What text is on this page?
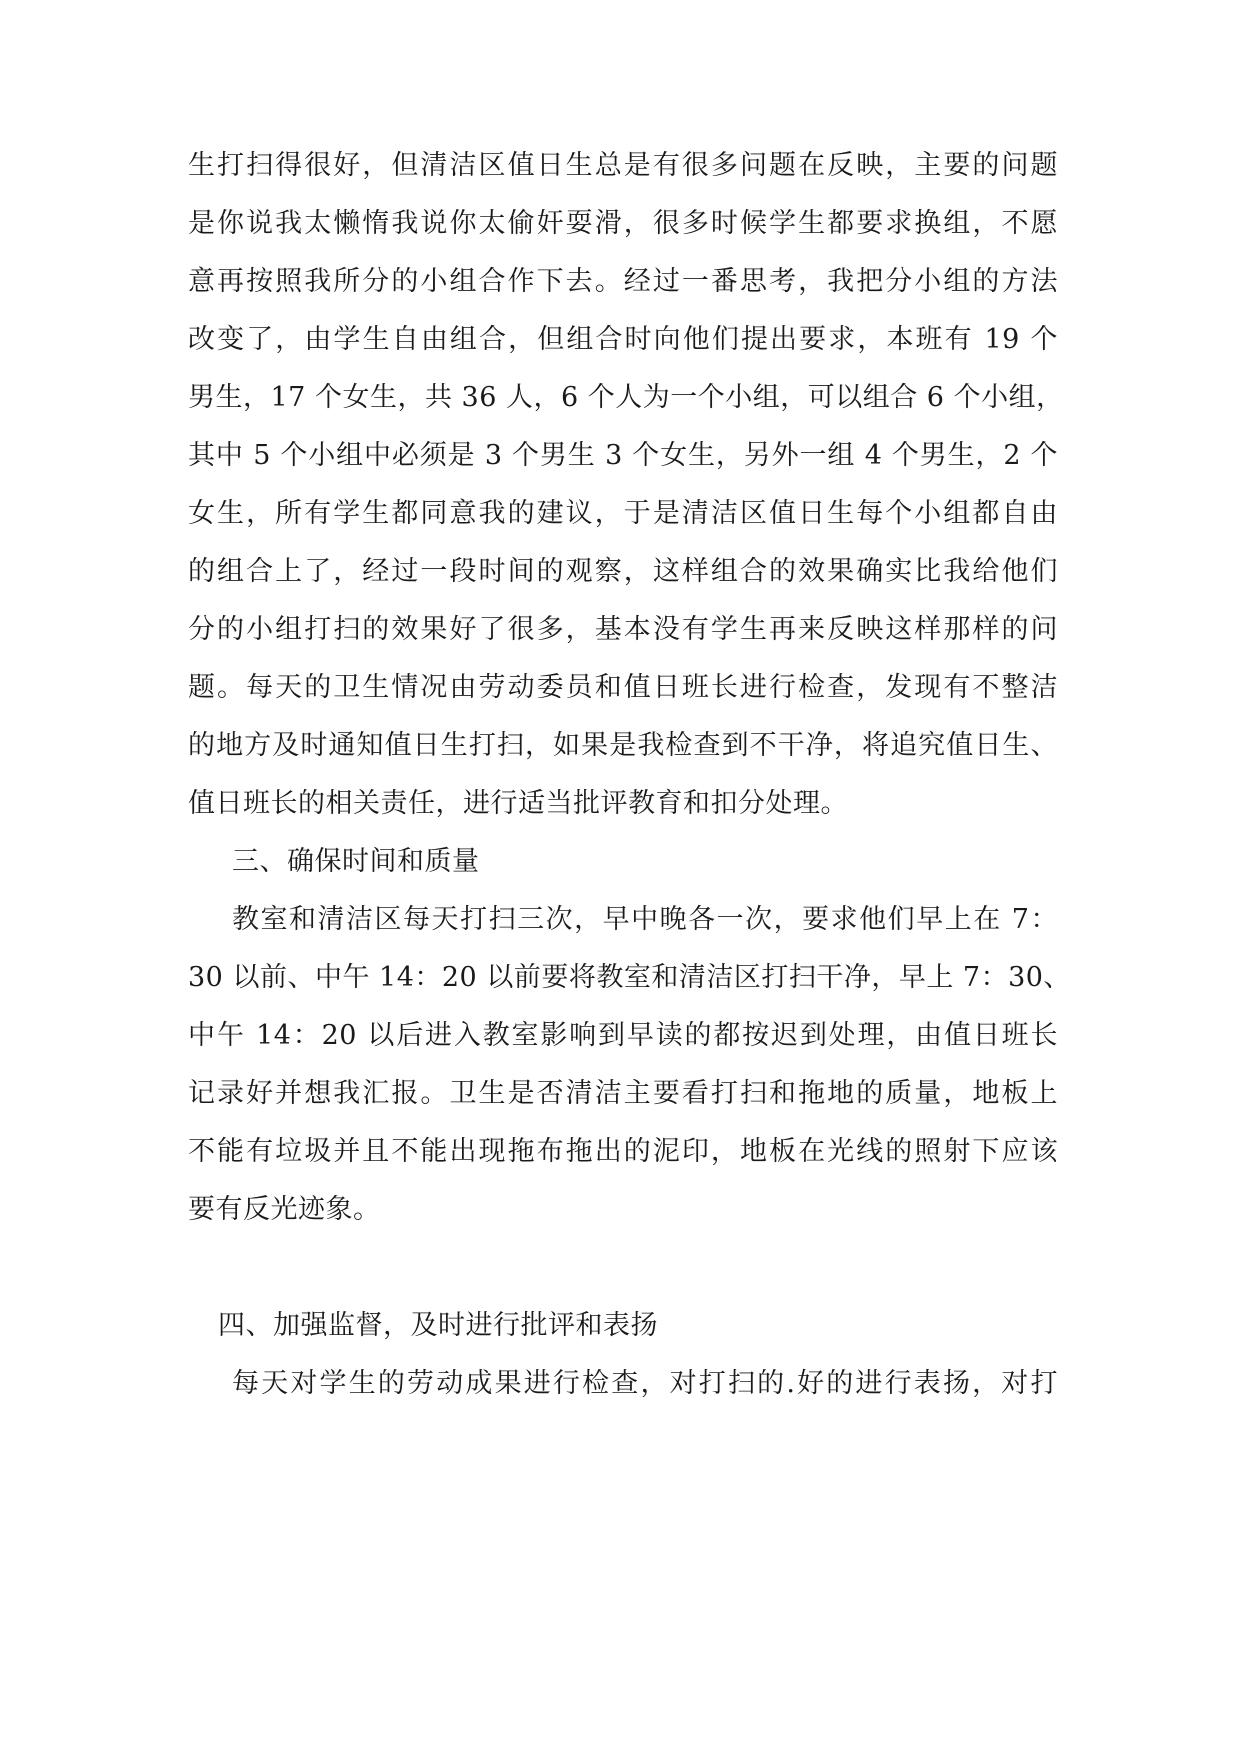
生打扫得很好，但清洁区值日生总是有很多问题在反映，主要的问题
是你说我太懒惰我说你太偷奸耍滑，很多时候学生都要求换组，不愿
意再按照我所分的小组合作下去。经过一番思考，我把分小组的方法
改变了，由学生自由组合，但组合时向他们提出要求，本班有 19 个
男生，17 个女生，共 36 人，6 个人为一个小组，可以组合 6 个小组，
其中 5 个小组中必须是 3 个男生 3 个女生，另外一组 4 个男生，2 个
女生，所有学生都同意我的建议，于是清洁区值日生每个小组都自由
的组合上了，经过一段时间的观察，这样组合的效果确实比我给他们
分的小组打扫的效果好了很多，基本没有学生再来反映这样那样的问
题。每天的卫生情况由劳动委员和值日班长进行检查，发现有不整洁
的地方及时通知值日生打扫，如果是我检查到不干净，将追究值日生、
值日班长的相关责任，进行适当批评教育和扣分处理。
三、确保时间和质量
教室和清洁区每天打扫三次，早中晚各一次，要求他们早上在 7：
30 以前、中午 14：20 以前要将教室和清洁区打扫干净，早上 7：30、
中午 14：20 以后进入教室影响到早读的都按迟到处理，由值日班长
记录好并想我汇报。卫生是否清洁主要看打扫和拖地的质量，地板上
不能有垃圾并且不能出现拖布拖出的泥印，地板在光线的照射下应该
要有反光迹象。
四、加强监督，及时进行批评和表扬
每天对学生的劳动成果进行检查，对打扫的.好的进行表扬，对打
